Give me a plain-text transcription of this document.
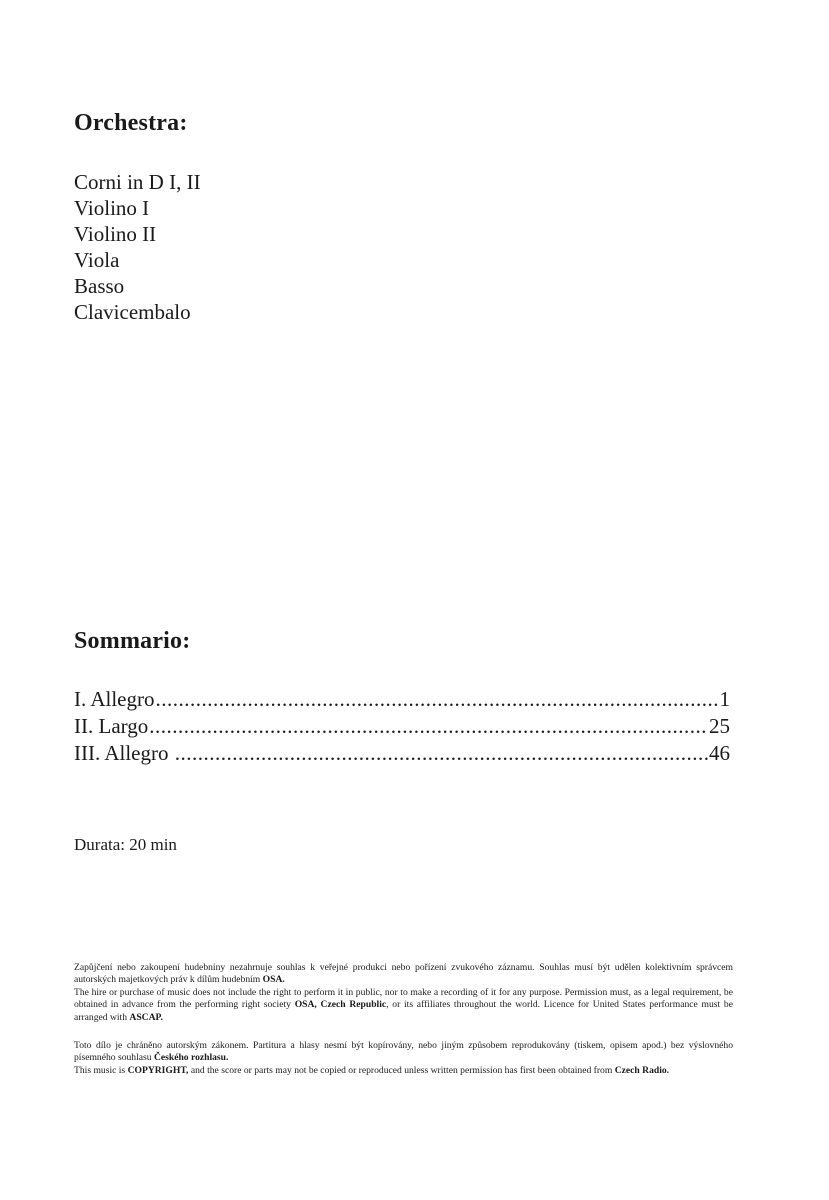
Orchestra:
Corni in D I, II
Violino I
Violino II
Viola
Basso
Clavicembalo
Sommario:
I. Allegro .....	1
II. Largo .....	25
III. Allegro .....	46
Durata: 20 min

Zapůjčení nebo zakoupení hudebniny nezahrnuje souhlas k veřejné produkci nebo pořízení zvukového záznamu. Souhlas musí být udělen kolektivním správcem autorských majetkových práv k dílům hudebním OSA.

The hire or purchase of music does not include the right to perform it in public, nor to make a recording of it for any purpose. Permission must, as a legal requirement, be obtained in advance from the performing right society OSA, Czech Republic, or its affiliates throughout the world. Licence for United States performance must be arranged with ASCAP.

Toto dílo je chráněno autorským zákonem. Partitura a hlasy nesmí být kopírovány, nebo jiným způsobem reprodukovány (tiskem, opisem apod.) bez výslovného písemného souhlasu Českého rozhlasu.

This music is COPYRIGHT, and the score or parts may not be copied or reproduced unless written permission has first been obtained from Czech Radio.
